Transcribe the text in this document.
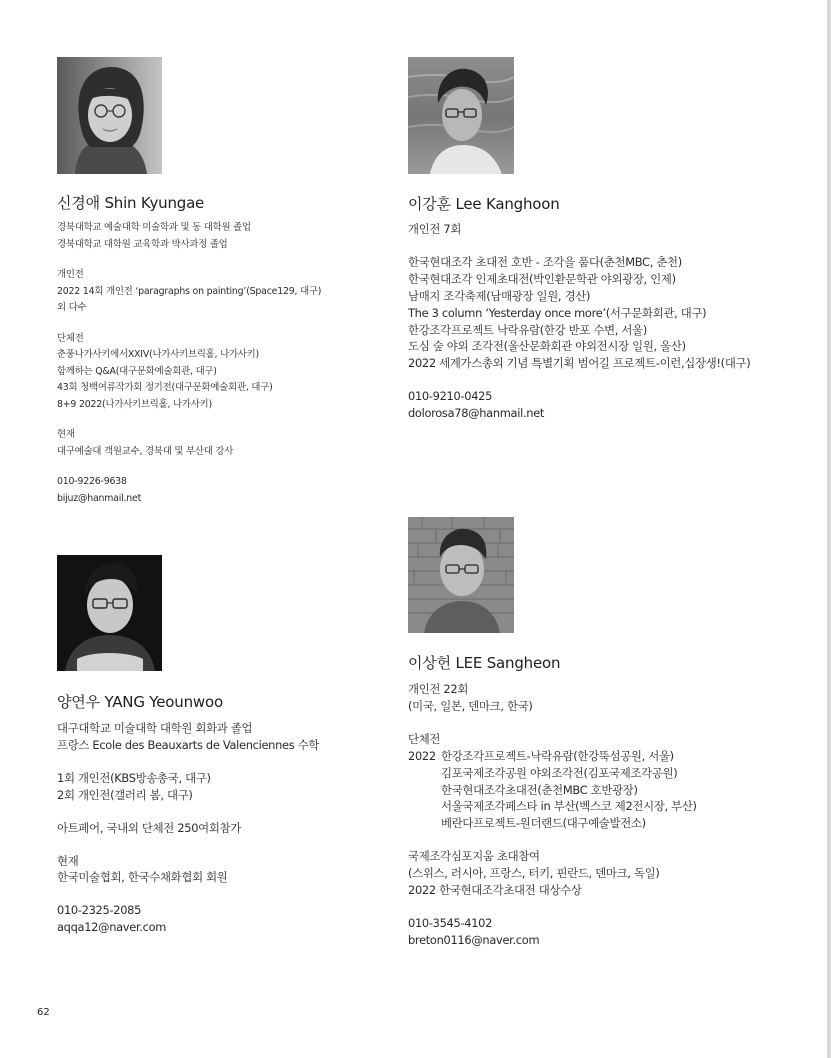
신경애 Shin Kyungae

경북대학교 예술대학 미술학과 및 동 대학원 졸업

경북대학교 대학원 교육학과 박사과정 졸업

개인전

2022 14회 개인전 ‘paragraphs on painting’(Space129, 대구)

외 다수

단체전

춘풍나가사키에서XXIV(나가사키브릭홀, 나가사키)

함께하는 Q&A(대구문화예술회관, 대구)

43회 청백여류작가회 정기전(대구문화예술회관, 대구)

8+9 2022(나가사키브릭홀, 나가사키)

현재

대구예술대 객원교수, 경북대 및 부산대 강사

010-9226-9638

bijuz@hanmail.net

이강훈 Lee Kanghoon

개인전 7회

한국현대조각 초대전 호반 - 조각을 품다(춘천MBC, 춘천)

한국현대조각 인제초대전(박인환문학관 야외광장, 인제)

남매지 조각축제(남매광장 일원, 경산)

The 3 column ‘Yesterday once more’(서구문화회관, 대구)

한강조각프로젝트 낙락유람(한강 반포 수변, 서울)

도심 숲 야외 조각전(울산문화회관 야외전시장 일원, 울산)

2022 세계가스총외 기념 특별기획 범어길 프로젝트-이런,십장생!(대구)

010-9210-0425

dolorosa78@hanmail.net

양연우 YANG Yeounwoo

대구대학교 미술대학 대학원 회화과 졸업

프랑스 Ecole des Beauxarts de Valenciennes 수학

1회 개인전(KBS방송총국, 대구)

2회 개인전(갤러리 봄, 대구)

아트페어, 국내외 단체전 250여회참가

현재

한국미술협회, 한국수채화협회 회원

010-2325-2085

aqqa12@naver.com

이상헌 LEE Sangheon

개인전 22회

(미국, 일본, 덴마크, 한국)

단체전

2022 한강조각프로젝트-낙락유람(한강뚝섬공원, 서울)

김포국제조각공원 야외조각전(김포국제조각공원)

한국현대조각초대전(춘천MBC 호반광장)

서울국제조각페스타 in 부산(벡스코 제2전시장, 부산)

베란다프로젝트-원더랜드(대구예술발전소)

국제조각심포지움 초대참여

(스위스, 러시아, 프랑스, 터키, 핀란드, 덴마크, 독일)

2022 한국현대조각초대전 대상수상

010-3545-4102

breton0116@naver.com

62
